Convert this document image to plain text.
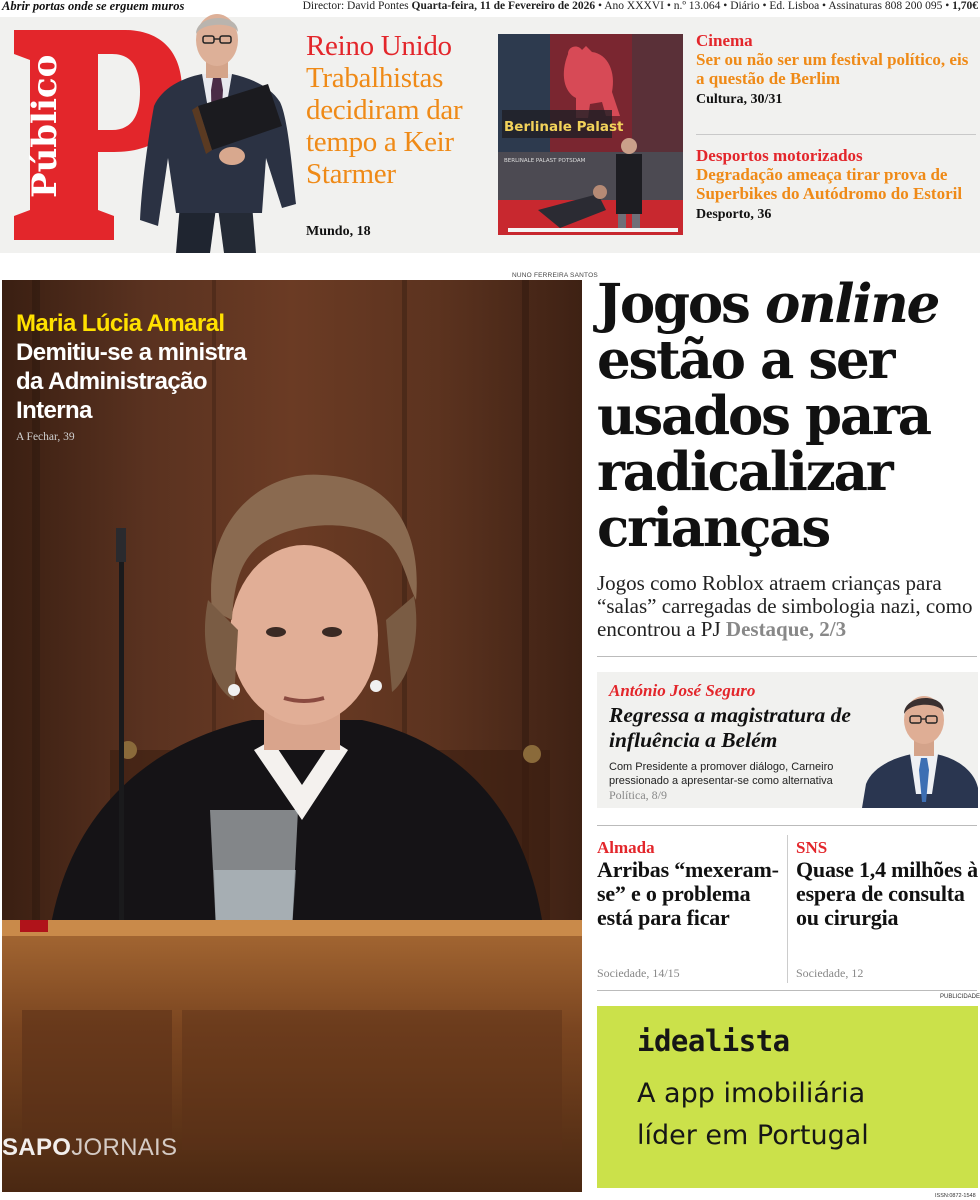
Abrir portas onde se erguem muros	Director: David Pontes Quarta-feira, 11 de Fevereiro de 2026 • Ano XXXVI • n.º 13.064 • Diário • Ed. Lisboa • Assinaturas 808 200 095 • 1,70€
Público
Reino Unido
Trabalhistas decidiram dar tempo a Keir Starmer
Mundo, 18
Berlinale Palast
BERLINALE PALAST POTSDAM
Cinema
Ser ou não ser um festival político, eis a questão de Berlim
Cultura, 30/31
Desportos motorizados
Degradação ameaça tirar prova de Superbikes do Autódromo do Estoril
Desporto, 36
NUNO FERREIRA SANTOS
Maria Lúcia Amaral
Demitiu-se a ministra da Administração Interna
A Fechar, 39
SAPOJORNAIS
Jogos online estão a ser usados para radicalizar crianças
Jogos como Roblox atraem crianças para “salas” carregadas de simbologia nazi, como encontrou a PJ Destaque, 2/3
António José Seguro
Regressa a magistratura de influência a Belém
Com Presidente a promover diálogo, Carneiro pressionado a apresentar-se como alternativa
Política, 8/9
Almada
Arribas “mexeram-se” e o problema está para ficar
Sociedade, 14/15
SNS
Quase 1,4 milhões à espera de consulta ou cirurgia
Sociedade, 12
PUBLICIDADE
idealista
A app imobiliária
líder em Portugal
ISSN:0872-1548
